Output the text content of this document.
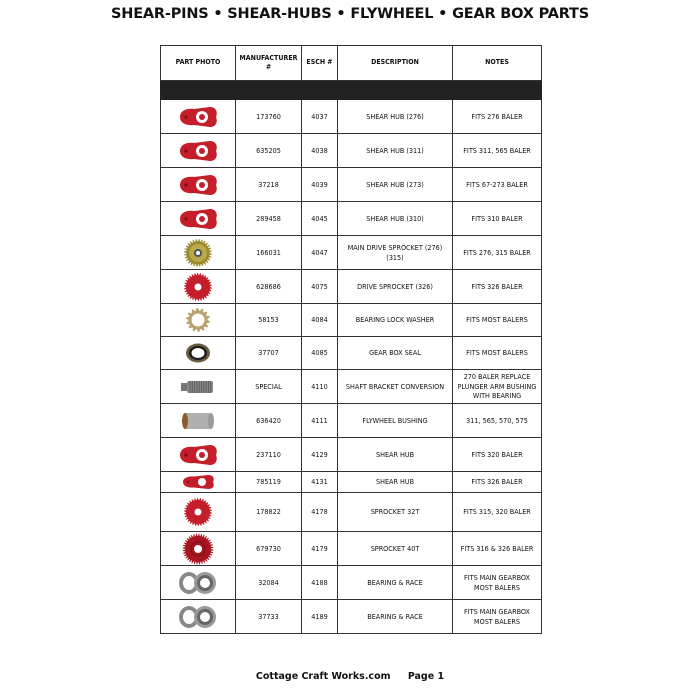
SHEAR-PINS • SHEAR-HUBS • FLYWHEEL • GEAR BOX PARTS
PART PHOTO	MANUFACTURER #	ESCH #	DESCRIPTION	NOTES

	173760	4037	SHEAR HUB (276)	FITS 276 BALER

	635205	4038	SHEAR HUB (311)	FITS 311, 565 BALER

	37218	4039	SHEAR HUB (273)	FITS 67-273 BALER

	289458	4045	SHEAR HUB (310)	FITS 310 BALER

	166031	4047	MAIN DRIVE SPROCKET (276) (315)	FITS 276, 315 BALER

	628686	4075	DRIVE SPROCKET (326)	FITS 326 BALER

	58153	4084	BEARING LOCK WASHER	FITS MOST BALERS

	37707	4085	GEAR BOX SEAL	FITS MOST BALERS

	SPECIAL	4110	SHAFT BRACKET CONVERSION	270 BALER REPLACE PLUNGER ARM BUSHING WITH BEARING

	636420	4111	FLYWHEEL BUSHING	311, 565, 570, 575

	237110	4129	SHEAR HUB	FITS 320 BALER

	785119	4131	SHEAR HUB	FITS 326 BALER

	178822	4178	SPROCKET 32T	FITS 315, 320 BALER

	679730	4179	SPROCKET 40T	FITS 316 & 326 BALER

	32084	4188	BEARING & RACE	FITS MAIN GEARBOX MOST BALERS

	37733	4189	BEARING & RACE	FITS MAIN GEARBOX MOST BALERS
Cottage Craft Works.com Page 1
